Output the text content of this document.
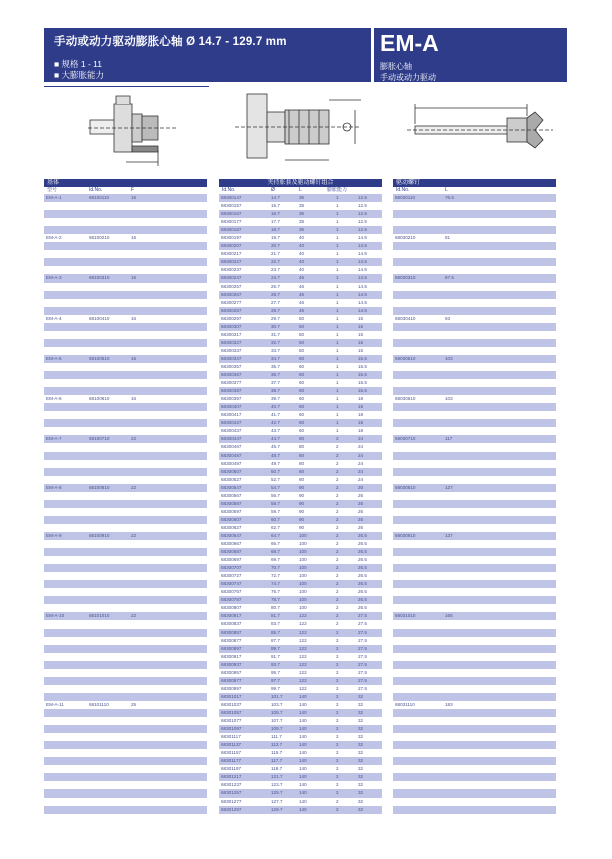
手动或动力驱动膨胀心轴 Ø 14.7 - 129.7 mm
■ 规格 1 - 11
■ 大膨胀能力
EM-A
膨胀心轴
手动或动力驱动
基体
型号	Id.No.	F
EM-A-1	68100110	16
EM-A-2	68100210	16
EM-A-3	68100310	16
EM-A-4	68100410	16
EM-A-5	68100510	16
EM-A-6	68100610	16
EM-A-7	68100710	22
EM-A-8	68100810	22
EM-A-9	68100910	22
EM-A-10	68101010	22
EM-A-11	68101110	25
夹持胀套及驱动螺钉组合
Id.No.	Ø	L	膨胀能力
68300147	14.7	35	1	12.5
68300157	15.7	35	1	12.5
68300167	16.7	35	1	12.5
68300177	17.7	35	1	12.5
68300187	18.7	35	1	12.5
68300197	19.7	40	1	14.5
68300207	20.7	40	1	14.5
68300217	21.7	40	1	14.5
68300227	22.7	40	1	14.5
68300237	23.7	40	1	14.5
68300247	24.7	46	1	14.5
68300257	25.7	46	1	14.5
68300267	26.7	46	1	14.5
68300277	27.7	46	1	14.5
68300287	28.7	46	1	14.5
68300297	29.7	50	1	15
68300307	30.7	50	1	15
68300317	31.7	50	1	15
68300327	32.7	50	1	15
68300337	33.7	50	1	15
68300347	34.7	60	1	15.5
68300357	35.7	60	1	15.5
68300367	36.7	60	1	15.5
68300377	37.7	60	1	15.5
68300387	38.7	60	1	15.5
68300397	39.7	60	1	18
68300407	40.7	60	1	18
68300417	41.7	60	1	18
68300427	42.7	60	1	18
68300437	43.7	60	1	18
68300447	44.7	80	2	24
68300467	46.7	80	2	24
68300487	48.7	80	2	24
68300497	49.7	80	2	24
68300507	50.7	80	2	24
68300527	52.7	80	2	24
68300547	54.7	90	2	26
68300567	56.7	90	2	26
68300587	58.7	90	2	26
68300597	59.7	90	2	26
68300607	60.7	90	2	26
68300627	62.7	90	2	26
68300647	64.7	100	2	26.5
68300667	66.7	100	2	26.5
68300687	68.7	100	2	26.5
68300697	69.7	100	2	26.5
68300707	70.7	100	2	26.5
68300727	72.7	100	2	26.5
68300747	74.7	100	2	26.5
68300767	76.7	100	2	26.5
68300787	78.7	100	2	26.5
68300807	80.7	100	2	26.5
68300817	81.7	122	2	27.5
68300837	83.7	122	2	27.5
68300857	85.7	122	2	27.5
68300877	87.7	122	2	27.5
68300897	89.7	122	2	27.5
68300917	91.7	122	2	27.5
68300937	93.7	122	2	27.5
68300957	95.7	122	2	27.5
68300977	97.7	122	2	27.5
68300997	99.7	122	2	27.5
68301017	101.7	140	2	32
68301037	103.7	140	2	32
68301057	105.7	140	2	32
68301077	107.7	140	2	32
68301097	109.7	140	2	32
68301117	111.7	140	2	32
68301137	113.7	140	2	32
68301157	115.7	140	2	32
68301177	117.7	140	2	32
68301197	119.7	140	2	32
68301217	121.7	140	2	32
68301237	123.7	140	2	32
68301257	125.7	140	2	32
68301277	127.7	140	2	32
68301297	129.7	140	2	32
驱动螺钉
Id.No.	L
68030110	76.5
68030210	81
68030310	87.5
68030410	93
68030510	103
68030610	103
68030710	117
68030810	127
68030910	137
68031010	165
68031110	183
